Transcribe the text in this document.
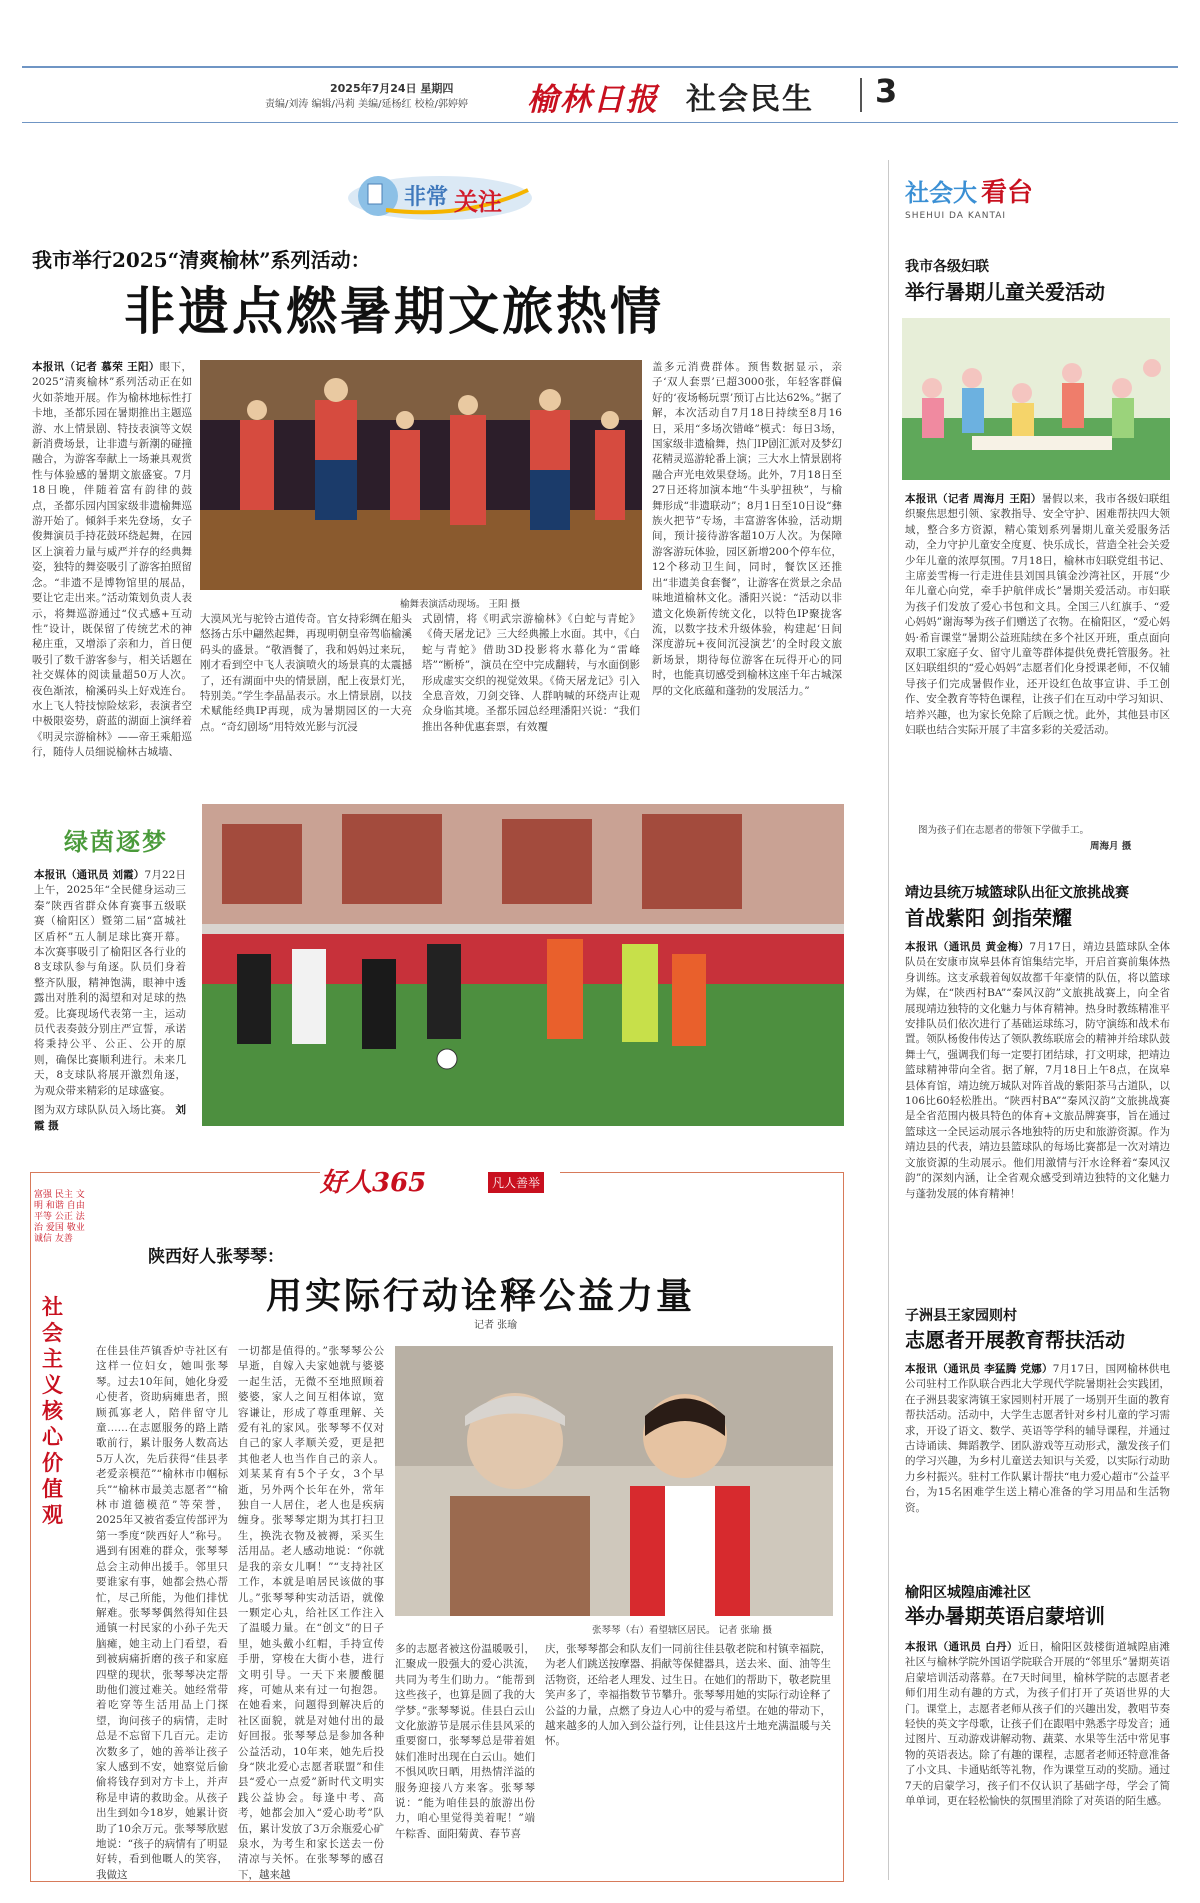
2025年7月24日 星期四
责编/刘涛 编辑/冯莉 美编/延杨红 校检/郭婷婷 榆林日报 社会民生 3
非常 关注
我市举行2025“清爽榆林”系列活动：
非遗点燃暑期文旅热情

本报讯（记者 慕荣 王阳）眼下，2025“清爽榆林”系列活动正在如火如荼地开展。作为榆林地标性打卡地，圣都乐园在暑期推出主题巡游、水上情景剧、特技表演等文娱新消费场景，让非遗与新潮的碰撞融合，为游客奉献上一场兼具观赏性与体验感的暑期文旅盛宴。7月18日晚，伴随着富有韵律的鼓点，圣都乐园内国家级非遗榆舞巡游开始了。倾斜手来先登场，女子俊舞演员手持花鼓环绕起舞，在园区上演着力量与威严并存的经典舞姿，独特的舞姿吸引了游客拍照留念。“非遗不是博物馆里的展品，要让它走出来。”活动策划负责人表示，将舞巡游通过“仪式感+互动性”设计，既保留了传统艺术的神秘庄重，又增添了亲和力，首日便吸引了数千游客参与，相关话题在社交媒体的阅读量超50万人次。夜色渐浓，榆溪码头上好戏连台。水上飞人特技惊险炫彩，表演者空中极限姿势，蔚蓝的湖面上演绎着《明灵宗游榆林》——帝王乘船巡行，随侍人员细说榆林古城墙、

榆舞表演活动现场。 王阳 摄

大漠风光与驼铃古道传奇。官女持彩绸在船头悠扬古乐中翩然起舞，再现明朝皇帝驾临榆溪码头的盛景。“敬酒餐了，我和妈妈过来玩，刚才看到空中飞人表演喷火的场景真的太震撼了，还有湖面中央的情景剧，配上夜景灯光，特别美。”学生李晶晶表示。水上情景剧，以技术赋能经典IP再现，成为暑期园区的一大亮点。“奇幻剧场”用特效光影与沉浸

式剧情，将《明武宗游榆林》《白蛇与青蛇》《倚天屠龙记》三大经典搬上水面。其中，《白蛇与青蛇》借助3D投影将水幕化为“雷峰塔”“断桥”，演员在空中完成翻转，与水面倒影形成虚实交织的视觉效果。《倚天屠龙记》引入全息音效，刀剑交锋、人群呐喊的环绕声让观众身临其境。圣都乐园总经理潘阳兴说：“我们推出各种优惠套票，有效覆

盖多元消费群体。预售数据显示，亲子‘双人套票’已超3000张，年轻客群偏好的‘夜场畅玩票’预订占比达62%。”据了解，本次活动自7月18日持续至8月16日，采用“多场次错峰”模式：每日3场，国家级非遗榆舞，热门IP剧汇派对及梦幻花精灵巡游轮番上演；三大水上情景剧将融合声光电效果登场。此外，7月18日至27日还将加演本地“牛头驴扭秧”，与榆舞形成“非遗联动”；8月1日至10日设“彝族火把节”专场，丰富游客体验，活动期间，预计接待游客超10万人次。为保障游客游玩体验，园区新增200个停车位，12个移动卫生间，同时，餐饮区还推出“非遗美食套餐”，让游客在赏景之余品味地道榆林文化。潘阳兴说：“活动以非遗文化焕新传统文化，以特色IP聚拢客流，以数字技术升级体验，构建起‘日间深度游玩+夜间沉浸演艺’的全时段文旅新场景，期待每位游客在玩得开心的同时，也能真切感受到榆林这座千年古城深厚的文化底蕴和蓬勃的发展活力。”

绿茵逐梦

本报讯（通讯员 刘霞）7月22日上午，2025年“全民健身运动三秦”陕西省群众体育赛事五级联赛（榆阳区）暨第二届“富城社区盾杯”五人制足球比赛开幕。本次赛事吸引了榆阳区各行业的8支球队参与角逐。队员们身着整齐队服，精神饱满，眼神中透露出对胜利的渴望和对足球的热爱。比赛现场代表第一主，运动员代表奏鼓分别庄严宣誓，承诺将秉持公平、公正、公开的原则，确保比赛顺利进行。未来几天，8支球队将展开激烈角逐，为观众带来精彩的足球盛宴。

图为双方球队队员入场比赛。 刘霞 摄

好人365	凡人善举
富强 民主 文明 和谐 自由 平等 公正 法治 爱国 敬业 诚信 友善
社会主义核心价值观
陕西好人张琴琴：
用实际行动诠释公益力量
记者 张瑜

在佳县佳芦镇香炉寺社区有这样一位妇女，她叫张琴琴。过去10年间，她化身爱心使者，资助病瘫患者，照顾孤寡老人，陪伴留守儿童……在志愿服务的路上踏歌前行，累计服务人数高达5万人次，先后获得“佳县孝老爱亲模范”“榆林市巾帼标兵”“榆林市最美志愿者”“榆林市道德模范”等荣誉，2025年又被省委宣传部评为第一季度“陕西好人”称号。遇到有困难的群众，张琴琴总会主动伸出援手。邻里只要谁家有事，她都会热心帮忙，尽己所能，为他们排忧解难。张琴琴偶然得知住县通镇一村民家的小孙子先天脑瘫，她主动上门看望，看到被病痛折磨的孩子和家庭四壁的现状，张琴琴决定帮助他们渡过难关。她经常带着吃穿等生活用品上门探望，询问孩子的病情，走时总是不忘留下几百元。走访次数多了，她的善举让孩子家人感到不安，她察觉后偷偷将钱存到对方卡上，并声称是申请的救助金。从孩子出生到如今18岁，她累计资助了10余万元。张琴琴欣慰地说：“孩子的病情有了明显好转，看到他嘅人的笑容，我做这

一切都是值得的。”张琴琴公公早逝，自嫁入夫家她就与婆婆一起生活，无微不至地照顾着婆婆，家人之间互相体谅，宽容谦让，形成了尊重理解、关爱有礼的家风。张琴琴不仅对自己的家人孝顺关爱，更是把其他老人也当作自己的亲人。刘某某育有5个子女，3个早逝，另外两个长年在外，常年独自一人居住，老人也是疾病缠身。张琴琴定期为其打扫卫生，换洗衣物及被褥，采买生活用品。老人感动地说：“你就是我的亲女儿啊！”“支持社区工作，本就是咱居民该做的事儿。”张琴琴种实动活语，就像一颗定心丸，给社区工作注入了温暖力量。在“创文”的日子里，她头戴小红帽，手持宣传手册，穿梭在大街小巷，进行文明引导。一天下来腰酸腿疼，可她从来有过一句抱怨。在她看来，问题得到解决后的社区面貌，就是对她付出的最好回报。张琴琴总是参加各种公益活动，10年来，她先后投身“陕北爱心志愿者联盟”和佳县“爱心一点爱”新时代文明实践公益协会。每逢中考、高考，她都会加入“爱心助考”队伍，累计发放了3万余瓶爱心矿泉水，为考生和家长送去一份清凉与关怀。在张琴琴的感召下，越来越

张琴琴（右）看望辖区居民。 记者 张瑜 摄

多的志愿者被这份温暖吸引，汇聚成一股强大的爱心洪流，共同为考生们助力。“能帮到这些孩子，也算是圆了我的大学梦。”张琴琴说。佳县白云山文化旅游节是展示佳县风采的重要窗口，张琴琴总是带着姐妹们准时出现在白云山。她们不惧风吹日晒，用热情洋溢的服务迎接八方来客。张琴琴说：“能为咱佳县的旅游出份力，咱心里觉得美着呢！”端午粽香、面阳菊黄、春节喜

庆，张琴琴都会和队友们一同前往佳县敬老院和村镇幸福院，为老人们跳送按摩器、捐献等保健器具，送去米、面、油等生活物资，还给老人理发、过生日。在她们的帮助下，敬老院里笑声多了，幸福指数节节攀升。张琴琴用她的实际行动诠释了公益的力量，点燃了身边人心中的爱与希望。在她的带动下，越来越多的人加入到公益行列，让佳县这片土地充满温暖与关怀。

社会大 看台
SHEHUI DA KANTAI
我市各级妇联
举行暑期儿童关爱活动

本报讯（记者 周海月 王阳）暑假以来，我市各级妇联组织聚焦思想引领、家教指导、安全守护、困难帮扶四大领域，整合多方资源，精心策划系列暑期儿童关爱服务活动，全力守护儿童安全度夏、快乐成长，营造全社会关爱少年儿童的浓厚氛围。7月18日，榆林市妇联党组书记、主席姜雪梅一行走进佳县刘国具镇金沙湾社区，开展“少年儿童心向党，牵手护航伴成长”暑期关爱活动。市妇联为孩子们发放了爱心书包和文具。全国三八红旗手、“爱心妈妈”谢海琴为孩子们赠送了衣物。在榆阳区，“爱心妈妈·希盲课堂”暑期公益班陆续在多个社区开班，重点面向双职工家庭子女、留守儿童等群体提供免费托管服务。社区妇联组织的“爱心妈妈”志愿者们化身授课老师，不仅辅导孩子们完成暑假作业，还开设红色故事宣讲、手工创作、安全教育等特色课程，让孩子们在互动中学习知识、培养兴趣，也为家长免除了后顾之忧。此外，其他县市区妇联也结合实际开展了丰富多彩的关爱活动。

图为孩子们在志愿者的带领下学做手工。
周海月 摄
靖边县统万城篮球队出征文旅挑战赛
首战紫阳 剑指荣耀

本报讯（通讯员 黄金梅）7月17日，靖边县篮球队全体队员在安康市岚皋县体育馆集结完毕，开启首赛前集体热身训练。这支承载着匈奴故都千年豪情的队伍，将以篮球为媒，在“陕西村BA”“秦风汉韵”文旅挑战赛上，向全省展现靖边独特的文化魅力与体育精神。热身时教练精准平安排队员们依次进行了基础运球练习，防守演练和战术布置。领队杨俊伟传达了领队教练联席会的精神并给球队鼓舞士气，强调我们每一定要打团结球，打文明球，把靖边篮球精神带向全省。据了解，7月18日上午8点，在岚皋县体育馆，靖边统万城队对阵首战的紫阳茶马古道队，以106比60轻松胜出。“陕西村BA”“秦风汉韵”文旅挑战赛是全省范围内极具特色的体育+文旅品牌赛事，旨在通过篮球这一全民运动展示各地独特的历史和旅游资源。作为靖边县的代表，靖边县篮球队的每场比赛都是一次对靖边文旅资源的生动展示。他们用激情与汗水诠释着“秦风汉韵”的深刻内涵，让全省观众感受到靖边独特的文化魅力与蓬勃发展的体育精神！

子洲县王家园则村
志愿者开展教育帮扶活动

本报讯（通讯员 李猛腾 党娜）7月17日，国网榆林供电公司驻村工作队联合西北大学现代学院暑期社会实践团，在子洲县裴家湾镇王家园则村开展了一场别开生面的教育帮扶活动。活动中，大学生志愿者针对乡村儿童的学习需求，开设了语文、数学、英语等学科的辅导课程，并通过古诗诵读、舞蹈教学、团队游戏等互动形式，激发孩子们的学习兴趣，为乡村儿童送去知识与关爱，以实际行动助力乡村振兴。驻村工作队累计帮扶“电力爱心超市”公益平台，为15名困难学生送上精心准备的学习用品和生活物资。

榆阳区城隍庙滩社区
举办暑期英语启蒙培训

本报讯（通讯员 白丹）近日，榆阳区鼓楼街道城隍庙滩社区与榆林学院外国语学院联合开展的“邻里乐”暑期英语启蒙培训活动落幕。在7天时间里，榆林学院的志愿者老师们用生动有趣的方式，为孩子们打开了英语世界的大门。课堂上，志愿者老师从孩子们的兴趣出发，教唱节奏轻快的英文字母歌，让孩子们在跟唱中熟悉字母发音；通过图片、互动游戏讲解动物、蔬菜、水果等生活中常见事物的英语表达。除了有趣的课程，志愿者老师还特意准备了小文具、卡通贴纸等礼物，作为课堂互动的奖励。通过7天的启蒙学习，孩子们不仅认识了基础字母，学会了简单单词，更在轻松愉快的氛围里消除了对英语的陌生感。
